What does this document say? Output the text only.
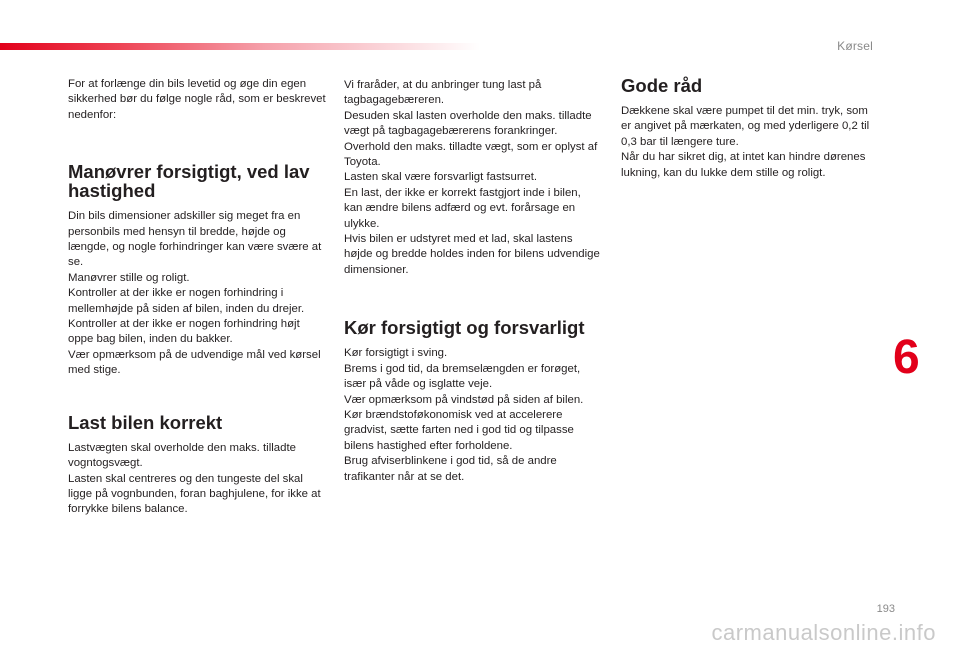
Kørsel

For at forlænge din bils levetid og øge din egen sikkerhed bør du følge nogle råd, som er beskrevet nedenfor:

Manøvrer forsigtigt, ved lav hastighed

Din bils dimensioner adskiller sig meget fra en personbils med hensyn til bredde, højde og længde, og nogle forhindringer kan være svære at se.

Manøvrer stille og roligt.

Kontroller at der ikke er nogen forhindring i mellemhøjde på siden af bilen, inden du drejer.

Kontroller at der ikke er nogen forhindring højt oppe bag bilen, inden du bakker.

Vær opmærksom på de udvendige mål ved kørsel med stige.

Last bilen korrekt

Lastvægten skal overholde den maks. tilladte vogntogsvægt.

Lasten skal centreres og den tungeste del skal ligge på vognbunden, foran baghjulene, for ikke at forrykke bilens balance.

Vi fraråder, at du anbringer tung last på tagbagagebæreren.

Desuden skal lasten overholde den maks. tilladte vægt på tagbagagebærerens forankringer. Overhold den maks. tilladte vægt, som er oplyst af Toyota.

Lasten skal være forsvarligt fastsurret.

En last, der ikke er korrekt fastgjort inde i bilen, kan ændre bilens adfærd og evt. forårsage en ulykke.

Hvis bilen er udstyret med et lad, skal lastens højde og bredde holdes inden for bilens udvendige dimensioner.

Kør forsigtigt og forsvarligt

Kør forsigtigt i sving.

Brems i god tid, da bremselængden er forøget, især på våde og isglatte veje.

Vær opmærksom på vindstød på siden af bilen.

Kør brændstoføkonomisk ved at accelerere gradvist, sætte farten ned i god tid og tilpasse bilens hastighed efter forholdene.

Brug afviserblinkene i god tid, så de andre trafikanter når at se det.

Gode råd

Dækkene skal være pumpet til det min. tryk, som er angivet på mærkaten, og med yderligere 0,2 til 0,3 bar til længere ture.

Når du har sikret dig, at intet kan hindre dørenes lukning, kan du lukke dem stille og roligt.

6
193
carmanualsonline.info
